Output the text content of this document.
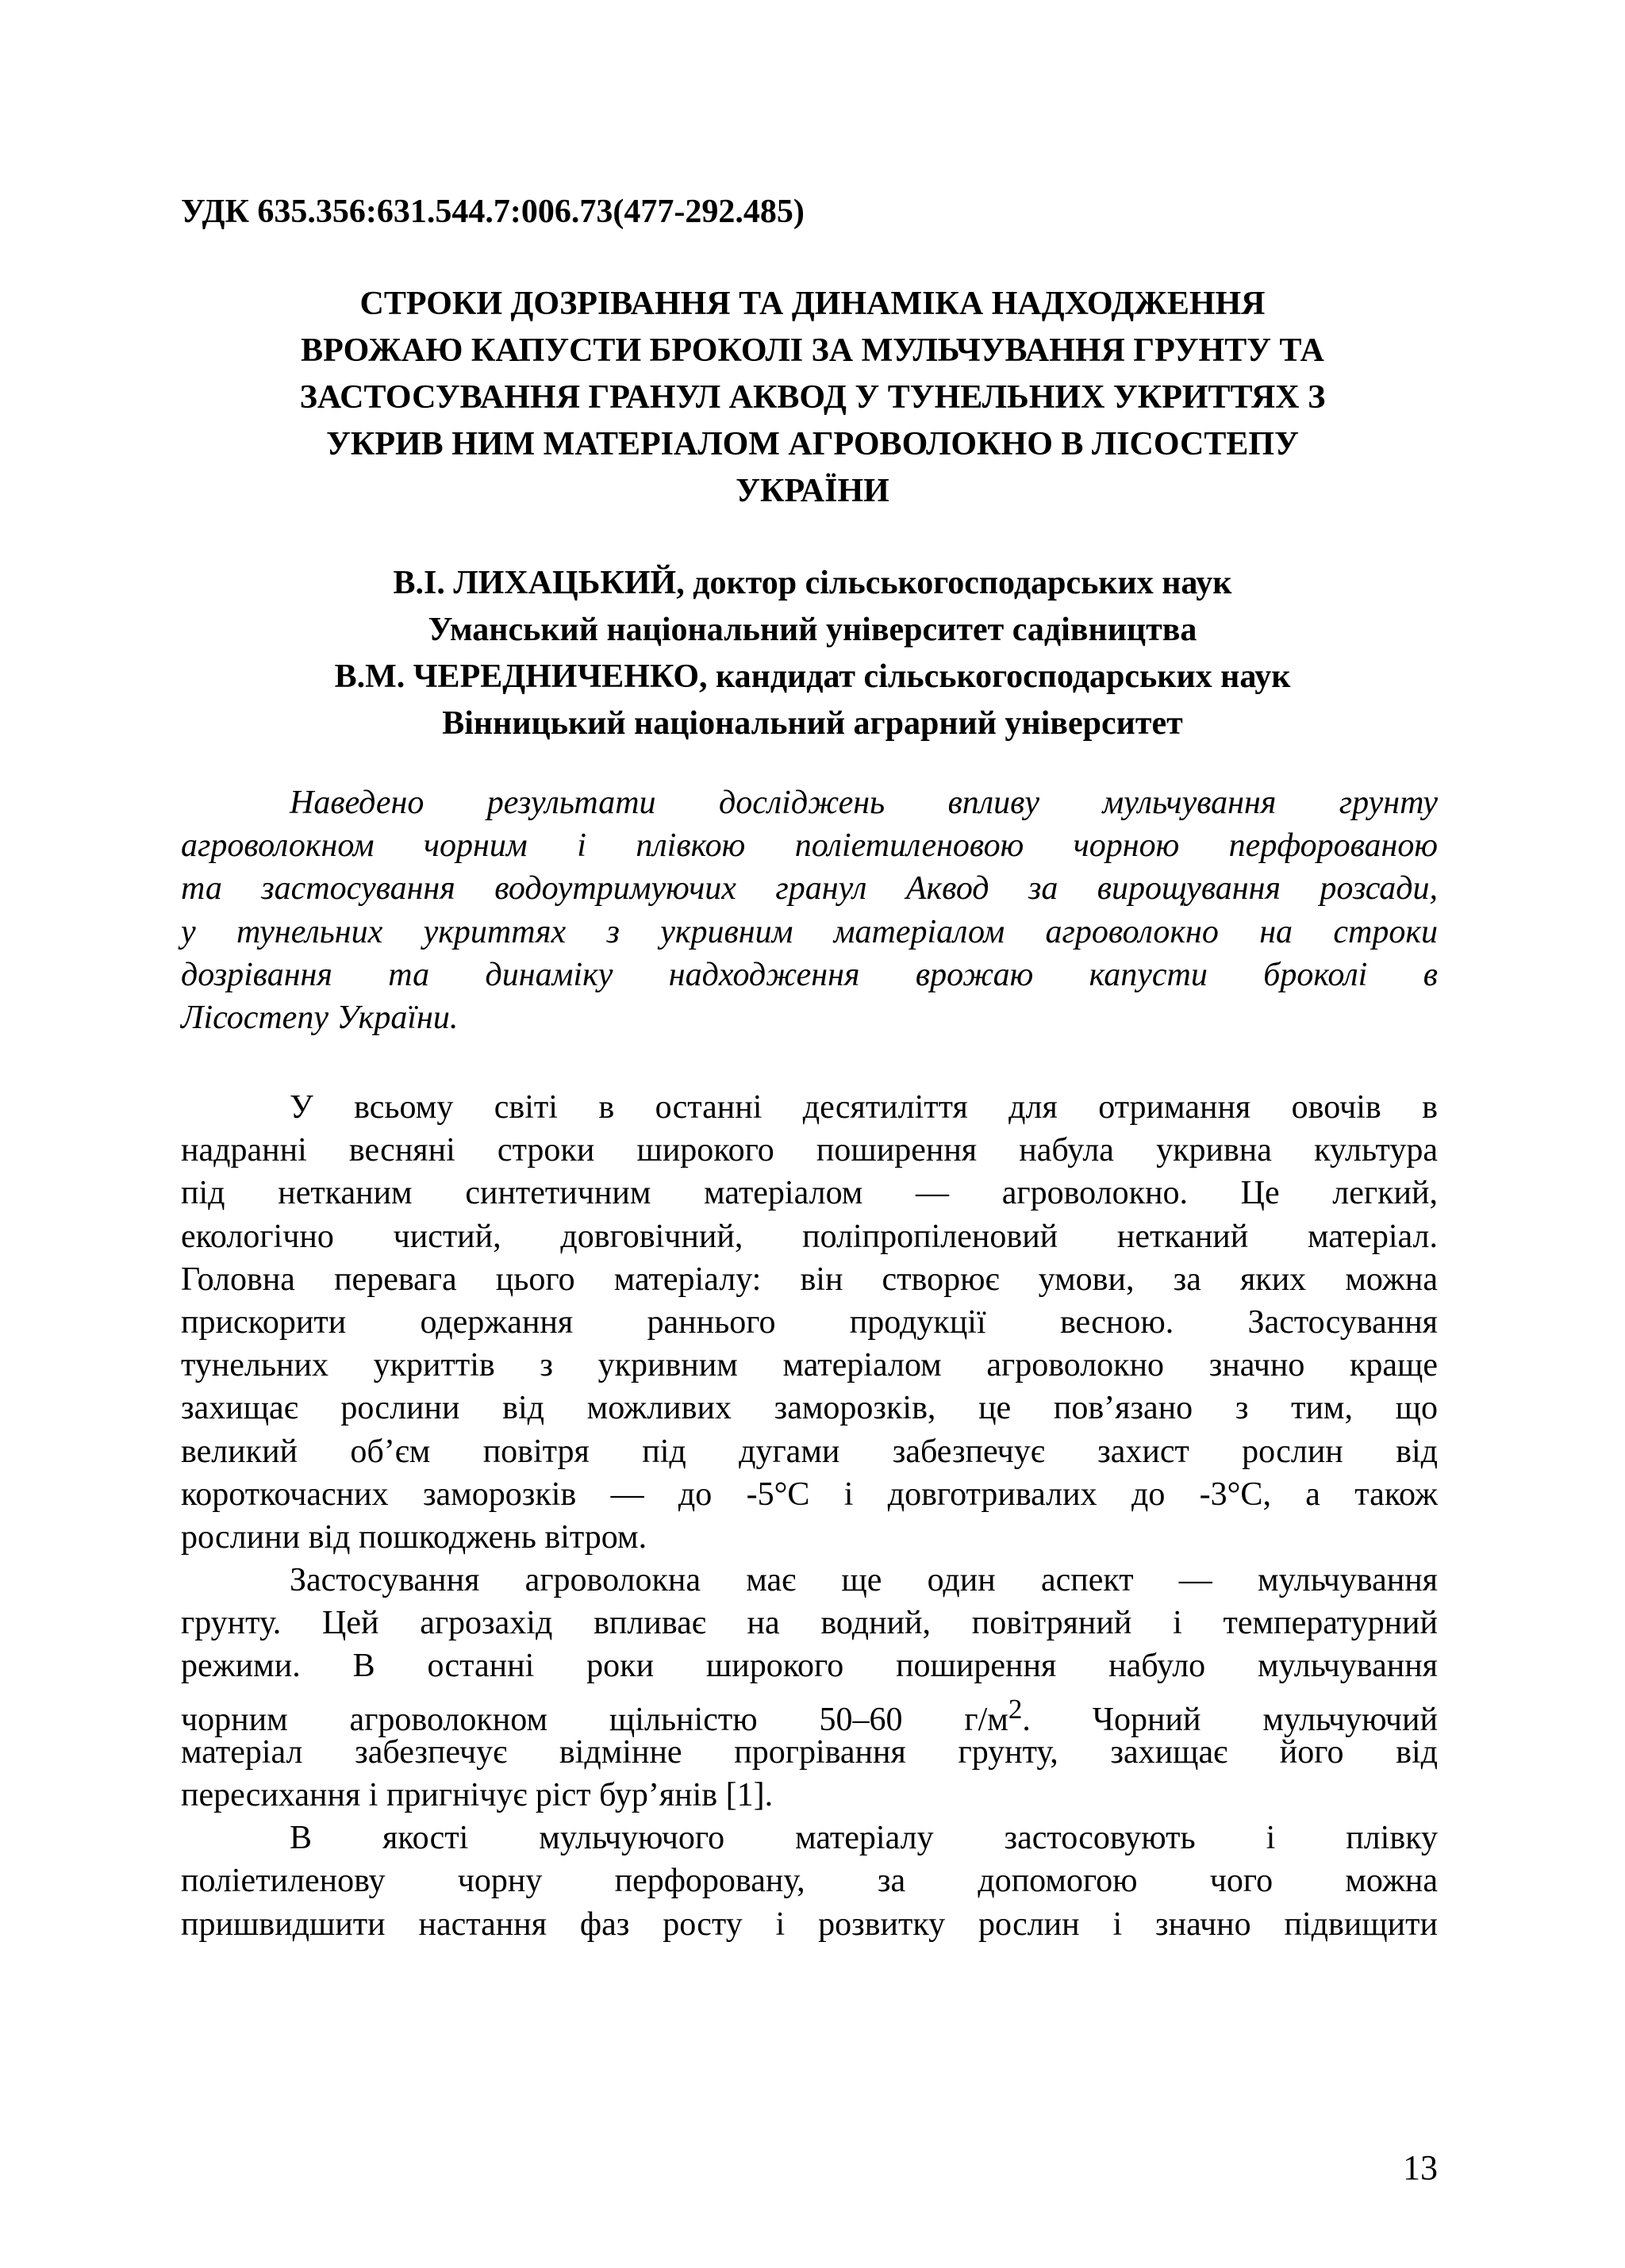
УДК 635.356:631.544.7:006.73(477-292.485)
СТРОКИ ДОЗРІВАННЯ ТА ДИНАМІКА НАДХОДЖЕННЯ
ВРОЖАЮ КАПУСТИ БРОКОЛІ ЗА МУЛЬЧУВАННЯ ГРУНТУ ТА
ЗАСТОСУВАННЯ ГРАНУЛ АКВОД У ТУНЕЛЬНИХ УКРИТТЯХ З
УКРИВ НИМ МАТЕРІАЛОМ АГРОВОЛОКНО В ЛІСОСТЕПУ
УКРАЇНИ
В.І. ЛИХАЦЬКИЙ, доктор сільськогосподарських наук
Уманський національний університет садівництва
В.М. ЧЕРЕДНИЧЕНКО, кандидат сільськогосподарських наук
Вінницький національний аграрний університет
Наведено результати досліджень впливу мульчування грунту
агроволокном чорним і плівкою поліетиленовою чорною перфорованою
та застосування водоутримуючих гранул Аквод за вирощування розсади,
у тунельних укриттях з укривним матеріалом агроволокно на строки
дозрівання та динаміку надходження врожаю капусти броколі в
Лісостепу України.
У всьому світі в останні десятиліття для отримання овочів в
надранні весняні строки широкого поширення набула укривна культура
під нетканим синтетичним матеріалом — агроволокно. Це легкий,
екологічно чистий, довговічний, поліпропіленовий нетканий матеріал.
Головна перевага цього матеріалу: він створює умови, за яких можна
прискорити одержання раннього продукції весною. Застосування
тунельних укриттів з укривним матеріалом агроволокно значно краще
захищає рослини від можливих заморозків, це пов’язано з тим, що
великий об’єм повітря під дугами забезпечує захист рослин від
короткочасних заморозків — до -5°С і довготривалих до -3°С, а також
рослини від пошкоджень вітром.
Застосування агроволокна має ще один аспект — мульчування
грунту. Цей агрозахід впливає на водний, повітряний і температурний
режими. В останні роки широкого поширення набуло мульчування
чорним агроволокном щільністю 50–60 $г/м^2$. Чорний мульчуючий
матеріал забезпечує відмінне прогрівання грунту, захищає його від
пересихання і пригнічує ріст бур’янів [1].
В якості мульчуючого матеріалу застосовують і плівку
поліетиленову чорну перфоровану, за допомогою чого можна
пришвидшити настання фаз росту і розвитку рослин і значно підвищити
13
